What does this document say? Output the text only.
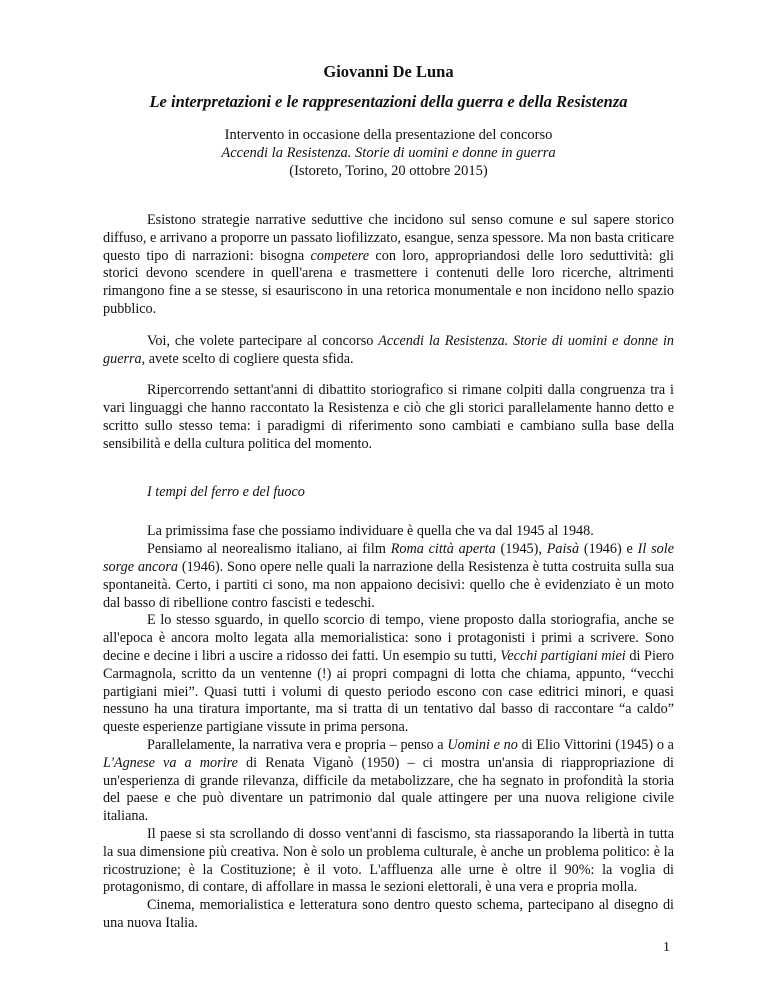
Giovanni De Luna
Le interpretazioni e le rappresentazioni della guerra e della Resistenza
Intervento in occasione della presentazione del concorso
Accendi la Resistenza. Storie di uomini e donne in guerra
(Istoreto, Torino, 20 ottobre 2015)

Esistono strategie narrative seduttive che incidono sul senso comune e sul sapere storico diffuso, e arrivano a proporre un passato liofilizzato, esangue, senza spessore. Ma non basta criticare questo tipo di narrazioni: bisogna competere con loro, appropriandosi delle loro seduttività: gli storici devono scendere in quell'arena e trasmettere i contenuti delle loro ricerche, altrimenti rimangono fine a se stesse, si esauriscono in una retorica monumentale e non incidono nello spazio pubblico.

Voi, che volete partecipare al concorso Accendi la Resistenza. Storie di uomini e donne in guerra, avete scelto di cogliere questa sfida.

Ripercorrendo settant'anni di dibattito storiografico si rimane colpiti dalla congruenza tra i vari linguaggi che hanno raccontato la Resistenza e ciò che gli storici parallelamente hanno detto e scritto sullo stesso tema: i paradigmi di riferimento sono cambiati e cambiano sulla base della sensibilità e della cultura politica del momento.

I tempi del ferro e del fuoco

La primissima fase che possiamo individuare è quella che va dal 1945 al 1948.

Pensiamo al neorealismo italiano, ai film Roma città aperta (1945), Paisà (1946) e Il sole sorge ancora (1946). Sono opere nelle quali la narrazione della Resistenza è tutta costruita sulla sua spontaneità. Certo, i partiti ci sono, ma non appaiono decisivi: quello che è evidenziato è un moto dal basso di ribellione contro fascisti e tedeschi.

E lo stesso sguardo, in quello scorcio di tempo, viene proposto dalla storiografia, anche se all'epoca è ancora molto legata alla memorialistica: sono i protagonisti i primi a scrivere. Sono decine e decine i libri a uscire a ridosso dei fatti. Un esempio su tutti, Vecchi partigiani miei di Piero Carmagnola, scritto da un ventenne (!) ai propri compagni di lotta che chiama, appunto, “vecchi partigiani miei”. Quasi tutti i volumi di questo periodo escono con case editrici minori, e quasi nessuno ha una tiratura importante, ma si tratta di un tentativo dal basso di raccontare “a caldo” queste esperienze partigiane vissute in prima persona.

Parallelamente, la narrativa vera e propria – penso a Uomini e no di Elio Vittorini (1945) o a L'Agnese va a morire di Renata Viganò (1950) – ci mostra un'ansia di riappropriazione di un'esperienza di grande rilevanza, difficile da metabolizzare, che ha segnato in profondità la storia del paese e che può diventare un patrimonio dal quale attingere per una nuova religione civile italiana.

Il paese si sta scrollando di dosso vent'anni di fascismo, sta riassaporando la libertà in tutta la sua dimensione più creativa. Non è solo un problema culturale, è anche un problema politico: è la ricostruzione; è la Costituzione; è il voto. L'affluenza alle urne è oltre il 90%: la voglia di protagonismo, di contare, di affollare in massa le sezioni elettorali, è una vera e propria molla.

Cinema, memorialistica e letteratura sono dentro questo schema, partecipano al disegno di una nuova Italia.

1
